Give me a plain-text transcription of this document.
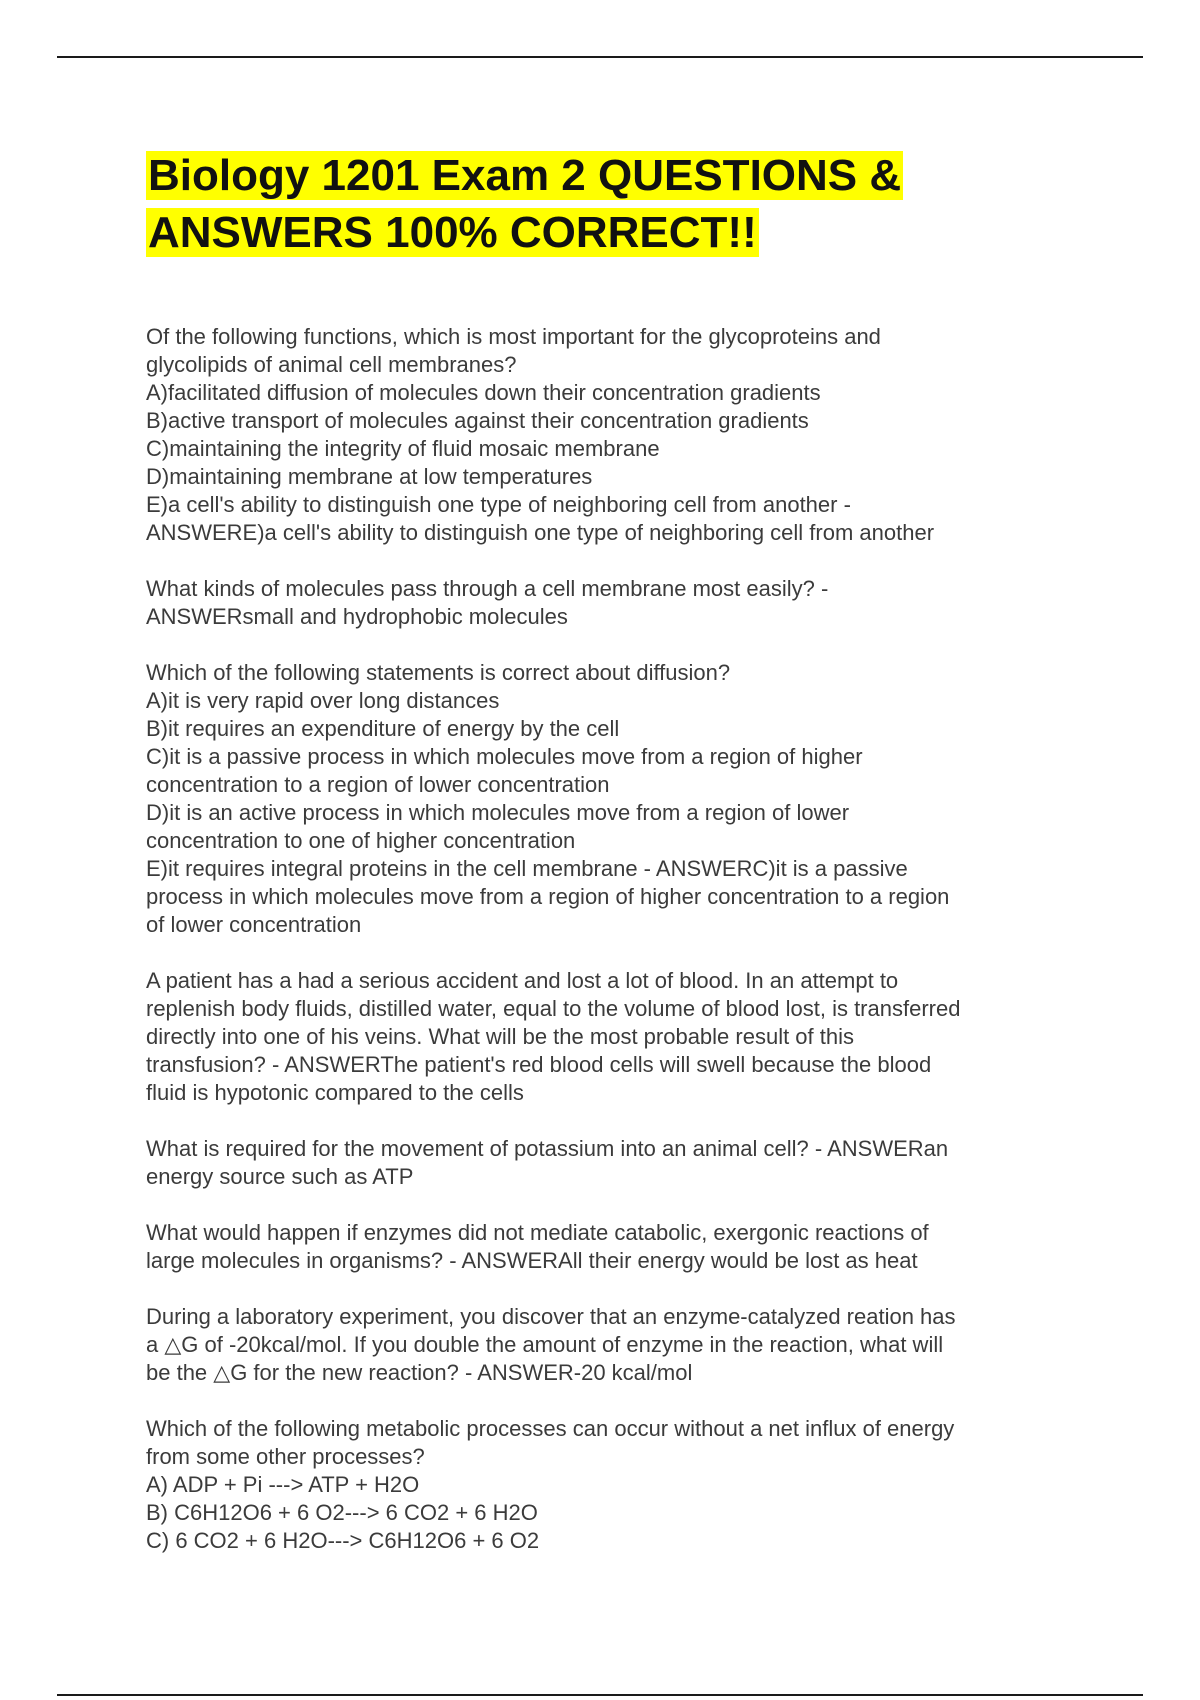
Biology 1201 Exam 2 QUESTIONS &
ANSWERS 100% CORRECT!!
Of the following functions, which is most important for the glycoproteins and
glycolipids of animal cell membranes?
A)facilitated diffusion of molecules down their concentration gradients
B)active transport of molecules against their concentration gradients
C)maintaining the integrity of fluid mosaic membrane
D)maintaining membrane at low temperatures
E)a cell's ability to distinguish one type of neighboring cell from another -
ANSWERE)a cell's ability to distinguish one type of neighboring cell from another
What kinds of molecules pass through a cell membrane most easily? -
ANSWERsmall and hydrophobic molecules
Which of the following statements is correct about diffusion?
A)it is very rapid over long distances
B)it requires an expenditure of energy by the cell
C)it is a passive process in which molecules move from a region of higher
concentration to a region of lower concentration
D)it is an active process in which molecules move from a region of lower
concentration to one of higher concentration
E)it requires integral proteins in the cell membrane - ANSWERC)it is a passive
process in which molecules move from a region of higher concentration to a region
of lower concentration
A patient has a had a serious accident and lost a lot of blood. In an attempt to
replenish body fluids, distilled water, equal to the volume of blood lost, is transferred
directly into one of his veins. What will be the most probable result of this
transfusion? - ANSWERThe patient's red blood cells will swell because the blood
fluid is hypotonic compared to the cells
What is required for the movement of potassium into an animal cell? - ANSWERan
energy source such as ATP
What would happen if enzymes did not mediate catabolic, exergonic reactions of
large molecules in organisms? - ANSWERAll their energy would be lost as heat
During a laboratory experiment, you discover that an enzyme-catalyzed reation has
a △G of -20kcal/mol. If you double the amount of enzyme in the reaction, what will
be the △G for the new reaction? - ANSWER-20 kcal/mol
Which of the following metabolic processes can occur without a net influx of energy
from some other processes?
A) ADP + Pi ---> ATP + H2O
B) C6H12O6 + 6 O2---> 6 CO2 + 6 H2O
C) 6 CO2 + 6 H2O---> C6H12O6 + 6 O2
